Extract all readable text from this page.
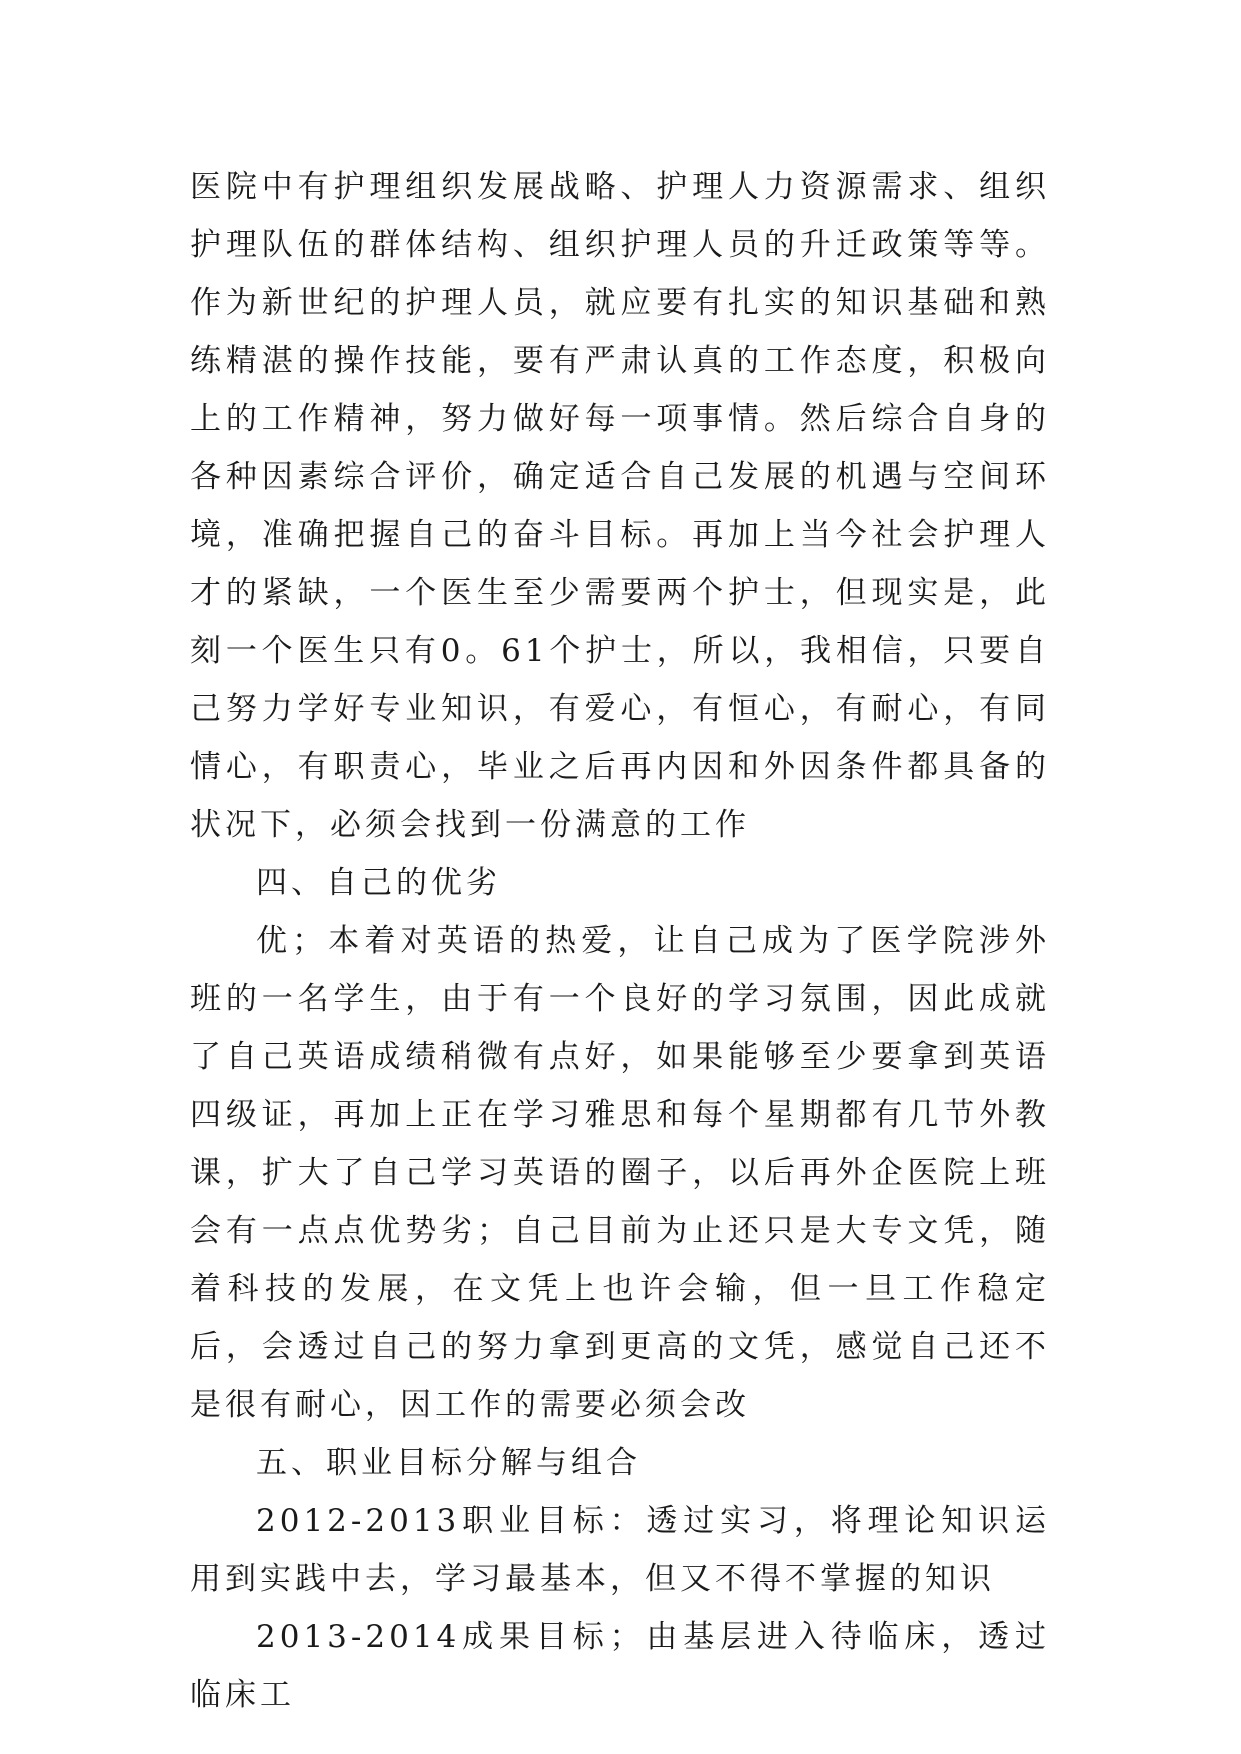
医院中有护理组织发展战略、护理人力资源需求、组织护理队伍的群体结构、组织护理人员的升迁政策等等。作为新世纪的护理人员，就应要有扎实的知识基础和熟练精湛的操作技能，要有严肃认真的工作态度，积极向上的工作精神，努力做好每一项事情。然后综合自身的各种因素综合评价，确定适合自己发展的机遇与空间环境，准确把握自己的奋斗目标。再加上当今社会护理人才的紧缺，一个医生至少需要两个护士，但现实是，此刻一个医生只有0。61个护士，所以，我相信，只要自己努力学好专业知识，有爱心，有恒心，有耐心，有同情心，有职责心，毕业之后再内因和外因条件都具备的状况下，必须会找到一份满意的工作

四、自己的优劣

优；本着对英语的热爱，让自己成为了医学院涉外班的一名学生，由于有一个良好的学习氛围，因此成就了自己英语成绩稍微有点好，如果能够至少要拿到英语四级证，再加上正在学习雅思和每个星期都有几节外教课，扩大了自己学习英语的圈子，以后再外企医院上班会有一点点优势劣；自己目前为止还只是大专文凭，随着科技的发展，在文凭上也许会输，但一旦工作稳定后，会透过自己的努力拿到更高的文凭，感觉自己还不是很有耐心，因工作的需要必须会改

五、职业目标分解与组合

2012-2013职业目标：透过实习，将理论知识运用到实践中去，学习最基本，但又不得不掌握的知识

2013-2014成果目标；由基层进入待临床，透过临床工
